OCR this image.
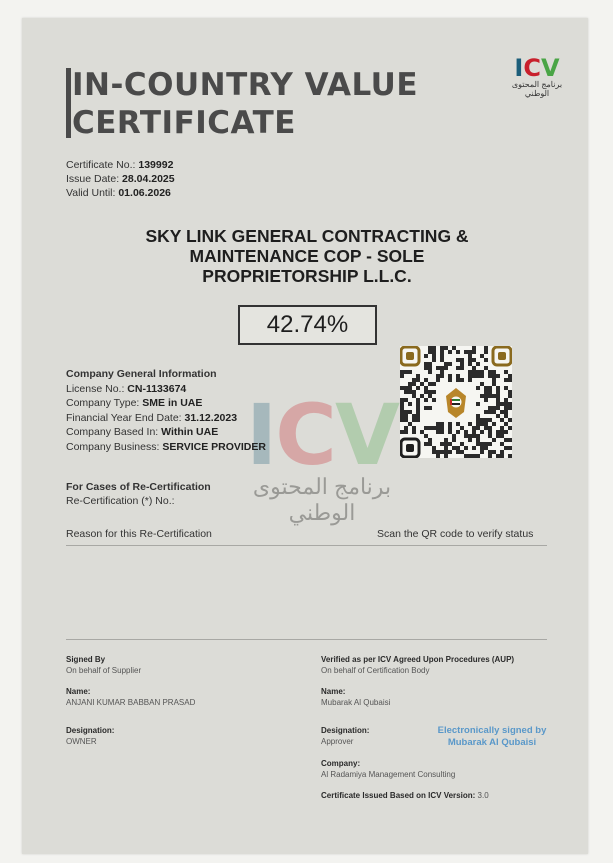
IN-COUNTRY VALUE
CERTIFICATE
ICV
برنامج المحتوى الوطني
Certificate No.: 139992
Issue Date: 28.04.2025
Valid Until: 01.06.2026
SKY LINK GENERAL CONTRACTING &
MAINTENANCE COP - SOLE
PROPRIETORSHIP L.L.C.
42.74%
ICV
برنامج المحتوى الوطني
Company General Information
License No.: CN-1133674
Company Type: SME in UAE
Financial Year End Date: 31.12.2023
Company Based In: Within UAE
Company Business: SERVICE PROVIDER
For Cases of Re-Certification
Re-Certification (*) No.:
Reason for this Re-Certification	Scan the QR code to verify status
Signed By
On behalf of Supplier
Name:
ANJANI KUMAR BABBAN PRASAD
Designation:
OWNER
Verified as per ICV Agreed Upon Procedures (AUP)
On behalf of Certification Body
Name:
Mubarak Al Qubaisi
Designation:
Approver
Company:
Al Radamiya Management Consulting
Certificate Issued Based on ICV Version: 3.0
Electronically signed by
Mubarak Al Qubaisi
